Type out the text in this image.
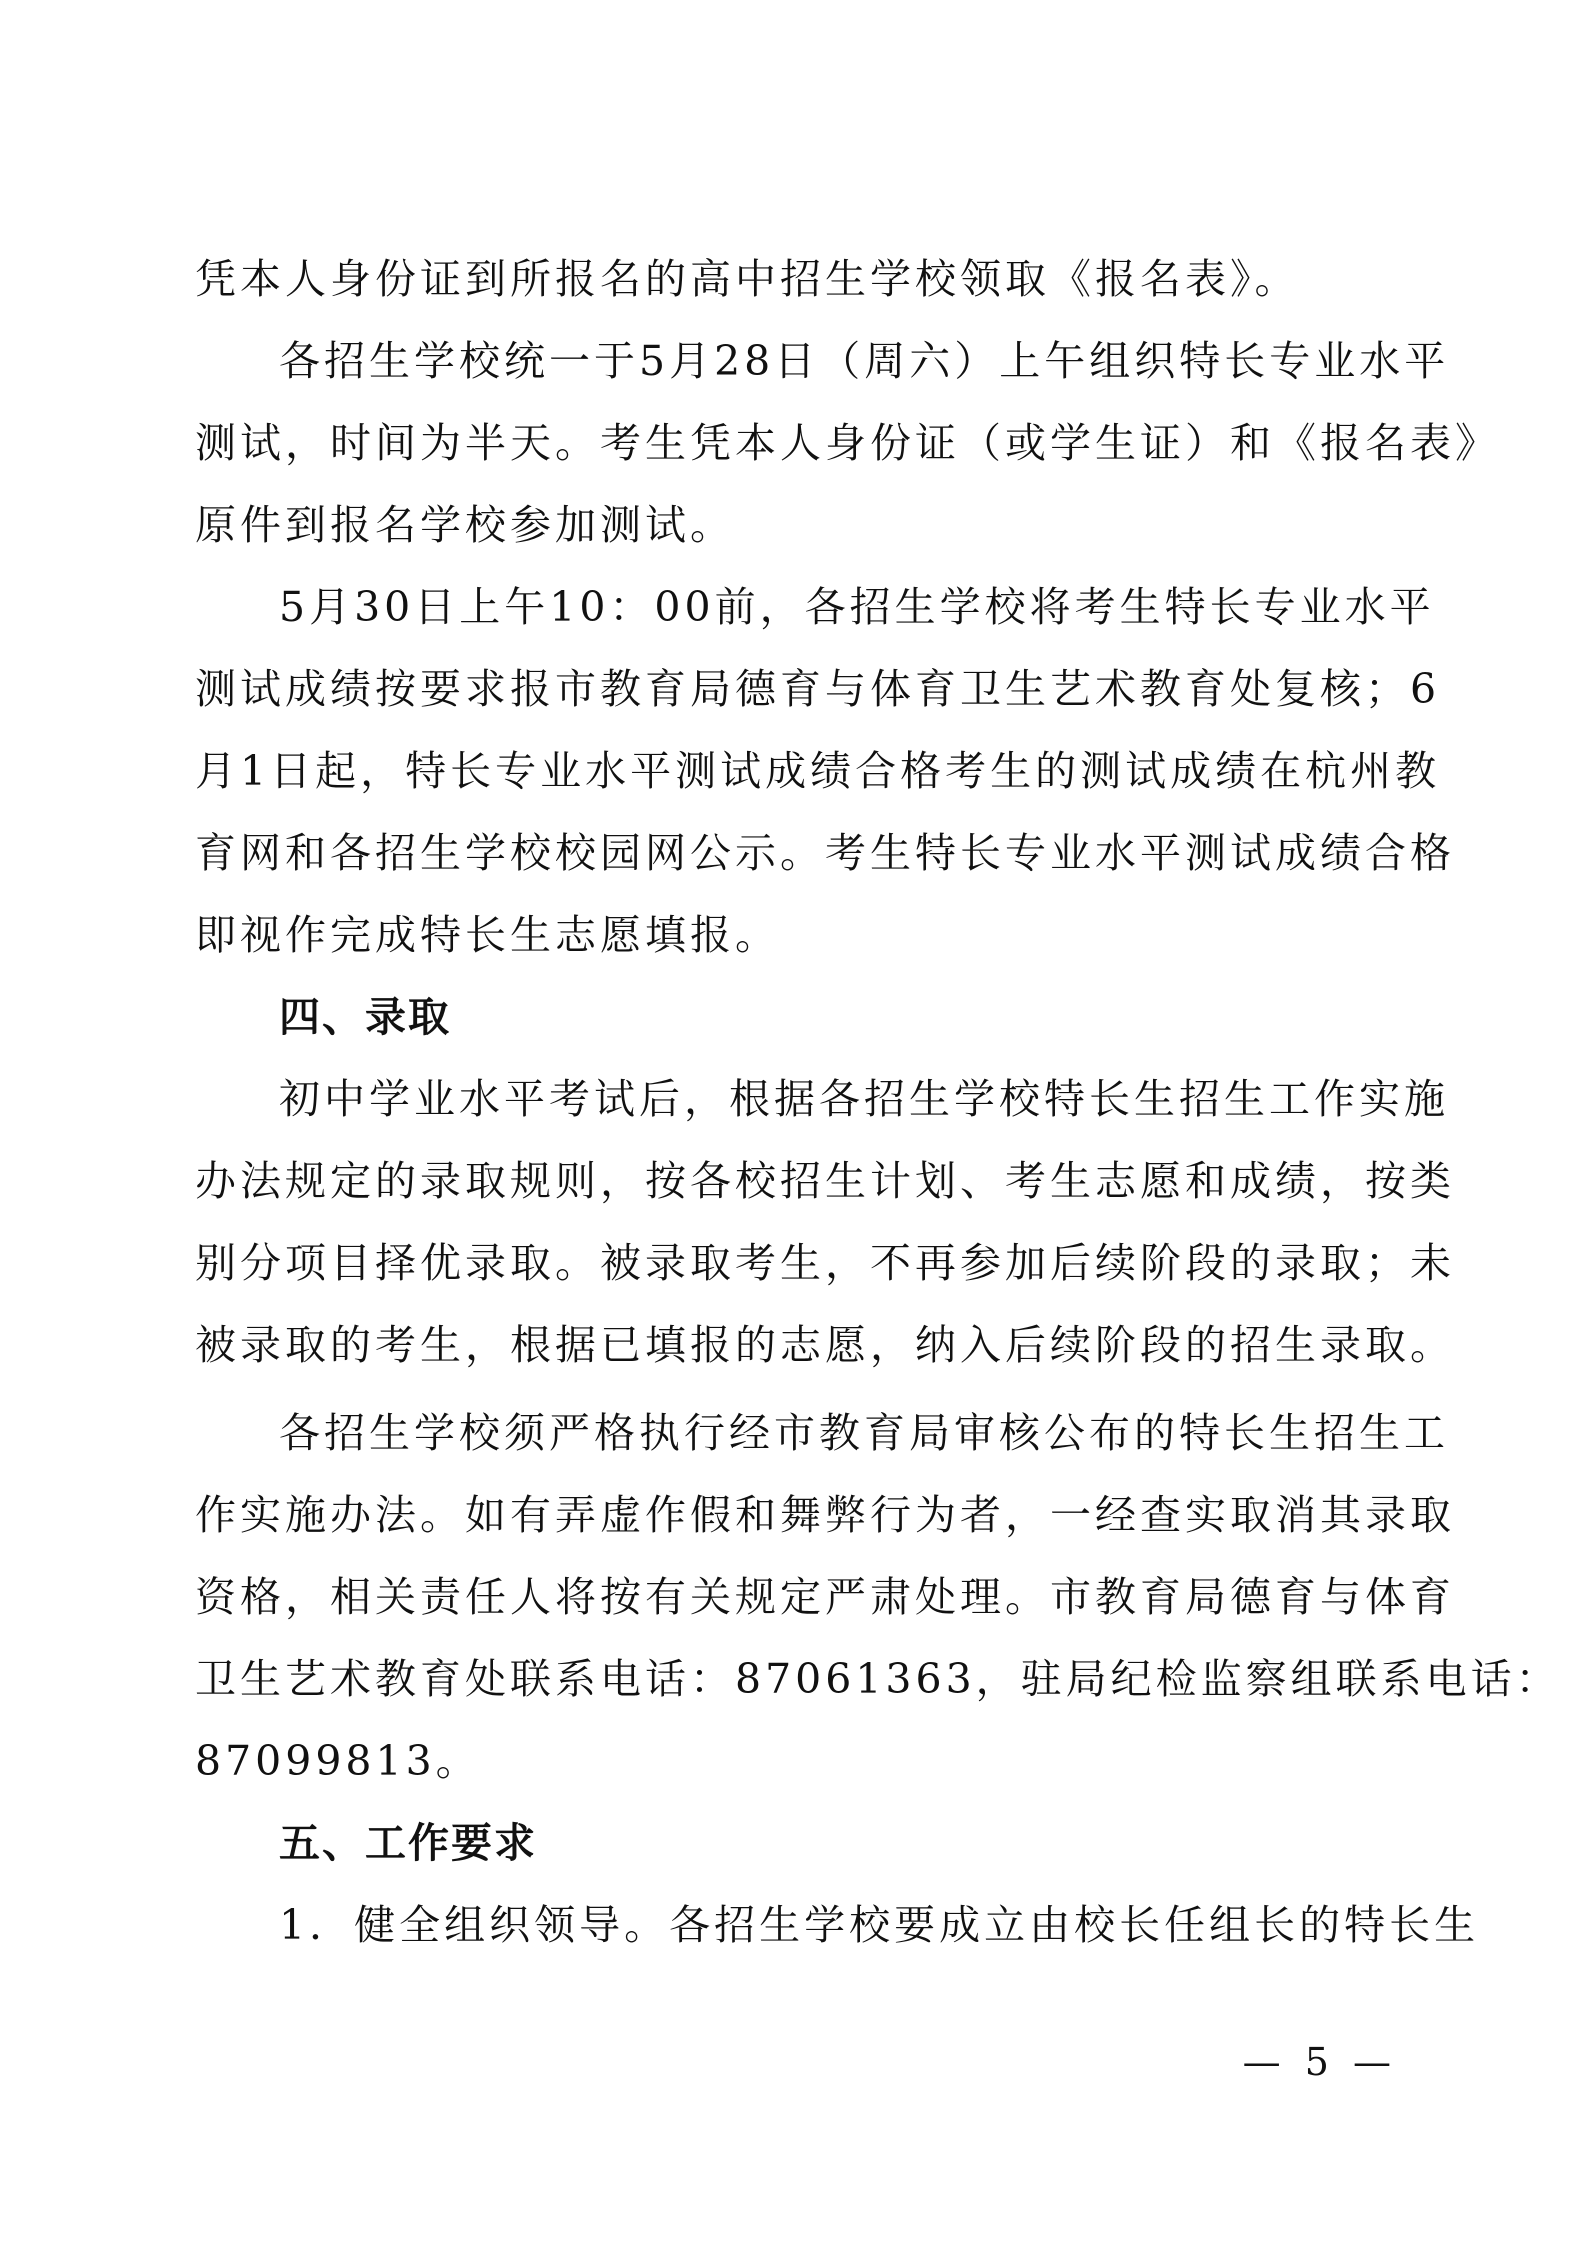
凭本人身份证到所报名的高中招生学校领取《报名表》。
各招生学校统一于5月28日（周六）上午组织特长专业水平
测试，时间为半天。考生凭本人身份证（或学生证）和《报名表》
原件到报名学校参加测试。
5月30日上午10：00前，各招生学校将考生特长专业水平
测试成绩按要求报市教育局德育与体育卫生艺术教育处复核；6
月1日起，特长专业水平测试成绩合格考生的测试成绩在杭州教
育网和各招生学校校园网公示。考生特长专业水平测试成绩合格
即视作完成特长生志愿填报。
四、录取
初中学业水平考试后，根据各招生学校特长生招生工作实施
办法规定的录取规则，按各校招生计划、考生志愿和成绩，按类
别分项目择优录取。被录取考生，不再参加后续阶段的录取；未
被录取的考生，根据已填报的志愿，纳入后续阶段的招生录取。
各招生学校须严格执行经市教育局审核公布的特长生招生工
作实施办法。如有弄虚作假和舞弊行为者，一经查实取消其录取
资格，相关责任人将按有关规定严肃处理。市教育局德育与体育
卫生艺术教育处联系电话：87061363，驻局纪检监察组联系电话：
87099813。
五、工作要求
1．健全组织领导。各招生学校要成立由校长任组长的特长生
— 5 —
